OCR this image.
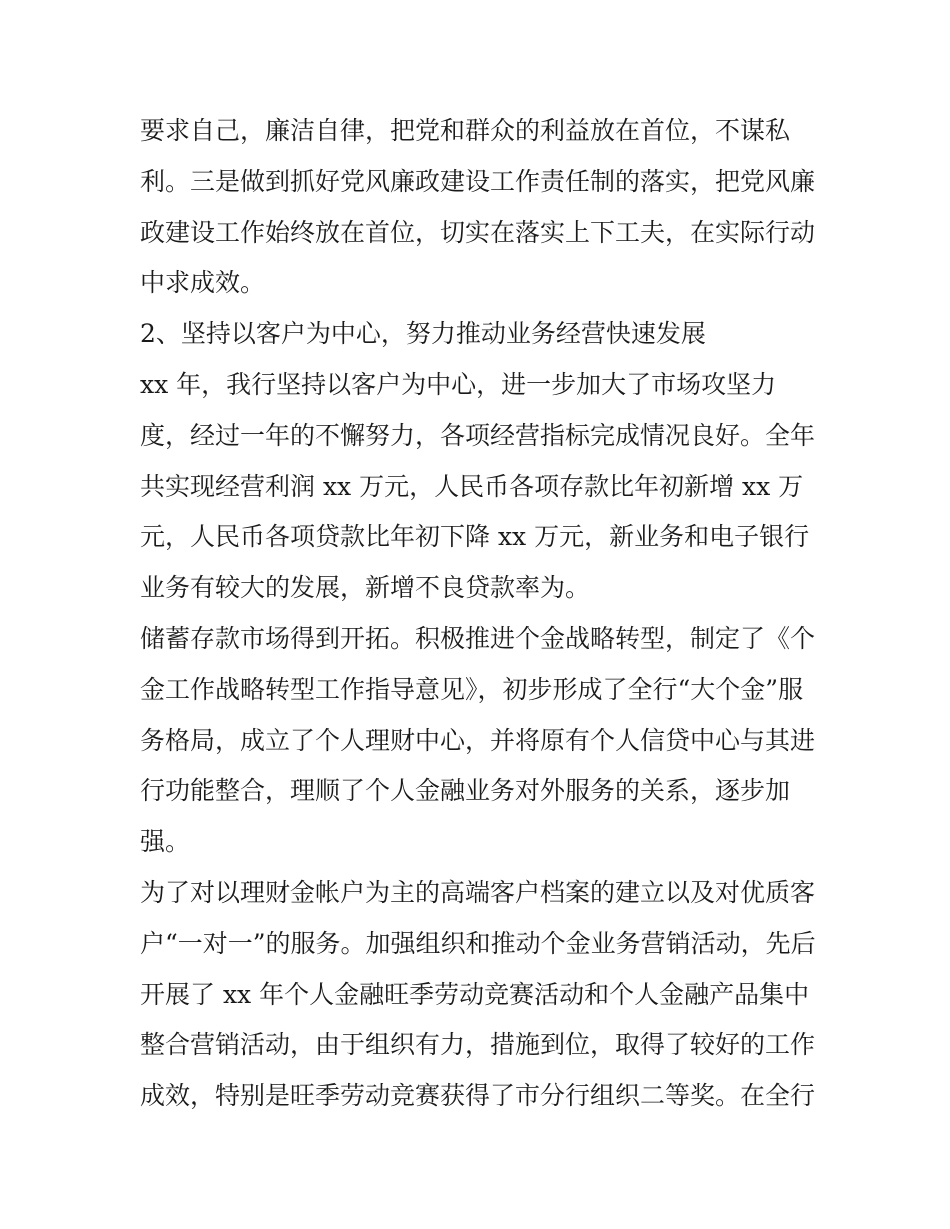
要求自己，廉洁自律，把党和群众的利益放在首位，不谋私
利。三是做到抓好党风廉政建设工作责任制的落实，把党风廉
政建设工作始终放在首位，切实在落实上下工夫，在实际行动
中求成效。
2、坚持以客户为中心，努力推动业务经营快速发展
xx 年，我行坚持以客户为中心，进一步加大了市场攻坚力
度，经过一年的不懈努力，各项经营指标完成情况良好。全年
共实现经营利润 xx 万元，人民币各项存款比年初新增 xx 万
元，人民币各项贷款比年初下降 xx 万元，新业务和电子银行
业务有较大的发展，新增不良贷款率为。
储蓄存款市场得到开拓。积极推进个金战略转型，制定了《个
金工作战略转型工作指导意见》，初步形成了全行“大个金”服
务格局，成立了个人理财中心，并将原有个人信贷中心与其进
行功能整合，理顺了个人金融业务对外服务的关系，逐步加
强。
为了对以理财金帐户为主的高端客户档案的建立以及对优质客
户“一对一”的服务。加强组织和推动个金业务营销活动，先后
开展了 xx 年个人金融旺季劳动竞赛活动和个人金融产品集中
整合营销活动，由于组织有力，措施到位，取得了较好的工作
成效，特别是旺季劳动竞赛获得了市分行组织二等奖。在全行
